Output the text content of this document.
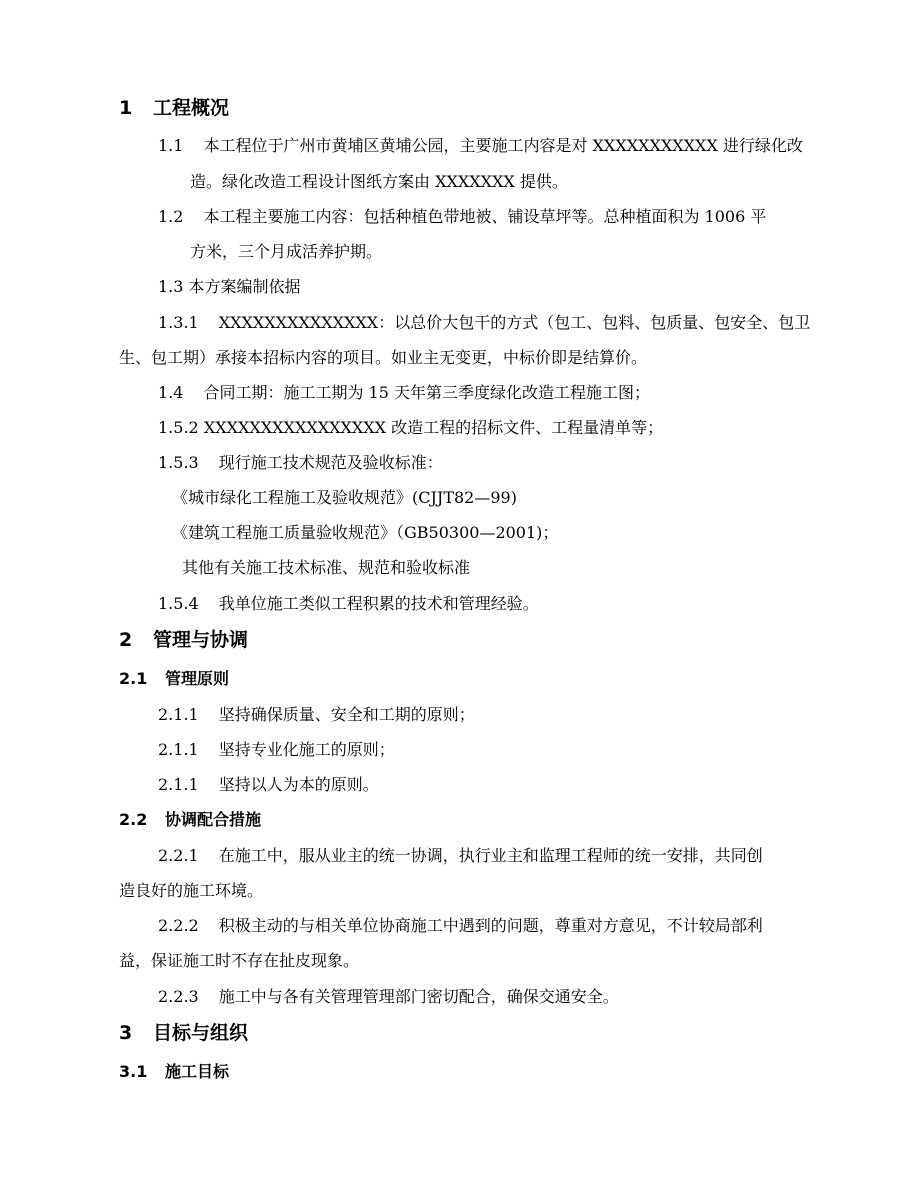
1 工程概况
1.1 本工程位于广州市黄埔区黄埔公园，主要施工内容是对 XXXXXXXXXXX 进行绿化改
造。绿化改造工程设计图纸方案由 XXXXXXX 提供。
1.2 本工程主要施工内容：包括种植色带地被、铺设草坪等。总种植面积为 1006 平
方米，三个月成活养护期。
1.3 本方案编制依据
1.3.1 XXXXXXXXXXXXXX：以总价大包干的方式（包工、包料、包质量、包安全、包卫
生、包工期）承接本招标内容的项目。如业主无变更，中标价即是结算价。
1.4 合同工期：施工工期为 15 天年第三季度绿化改造工程施工图；
1.5.2 XXXXXXXXXXXXXXXX 改造工程的招标文件、工程量清单等；
1.5.3 现行施工技术规范及验收标准：
《城市绿化工程施工及验收规范》(CJJT82—99)
《建筑工程施工质量验收规范》（GB50300—2001)；
其他有关施工技术标准、规范和验收标准
1.5.4 我单位施工类似工程积累的技术和管理经验。
2 管理与协调
2.1 管理原则
2.1.1 坚持确保质量、安全和工期的原则；
2.1.1 坚持专业化施工的原则；
2.1.1 坚持以人为本的原则。
2.2 协调配合措施
2.2.1 在施工中，服从业主的统一协调，执行业主和监理工程师的统一安排，共同创
造良好的施工环境。
2.2.2 积极主动的与相关单位协商施工中遇到的问题，尊重对方意见，不计较局部利
益，保证施工时不存在扯皮现象。
2.2.3 施工中与各有关管理管理部门密切配合，确保交通安全。
3 目标与组织
3.1 施工目标
